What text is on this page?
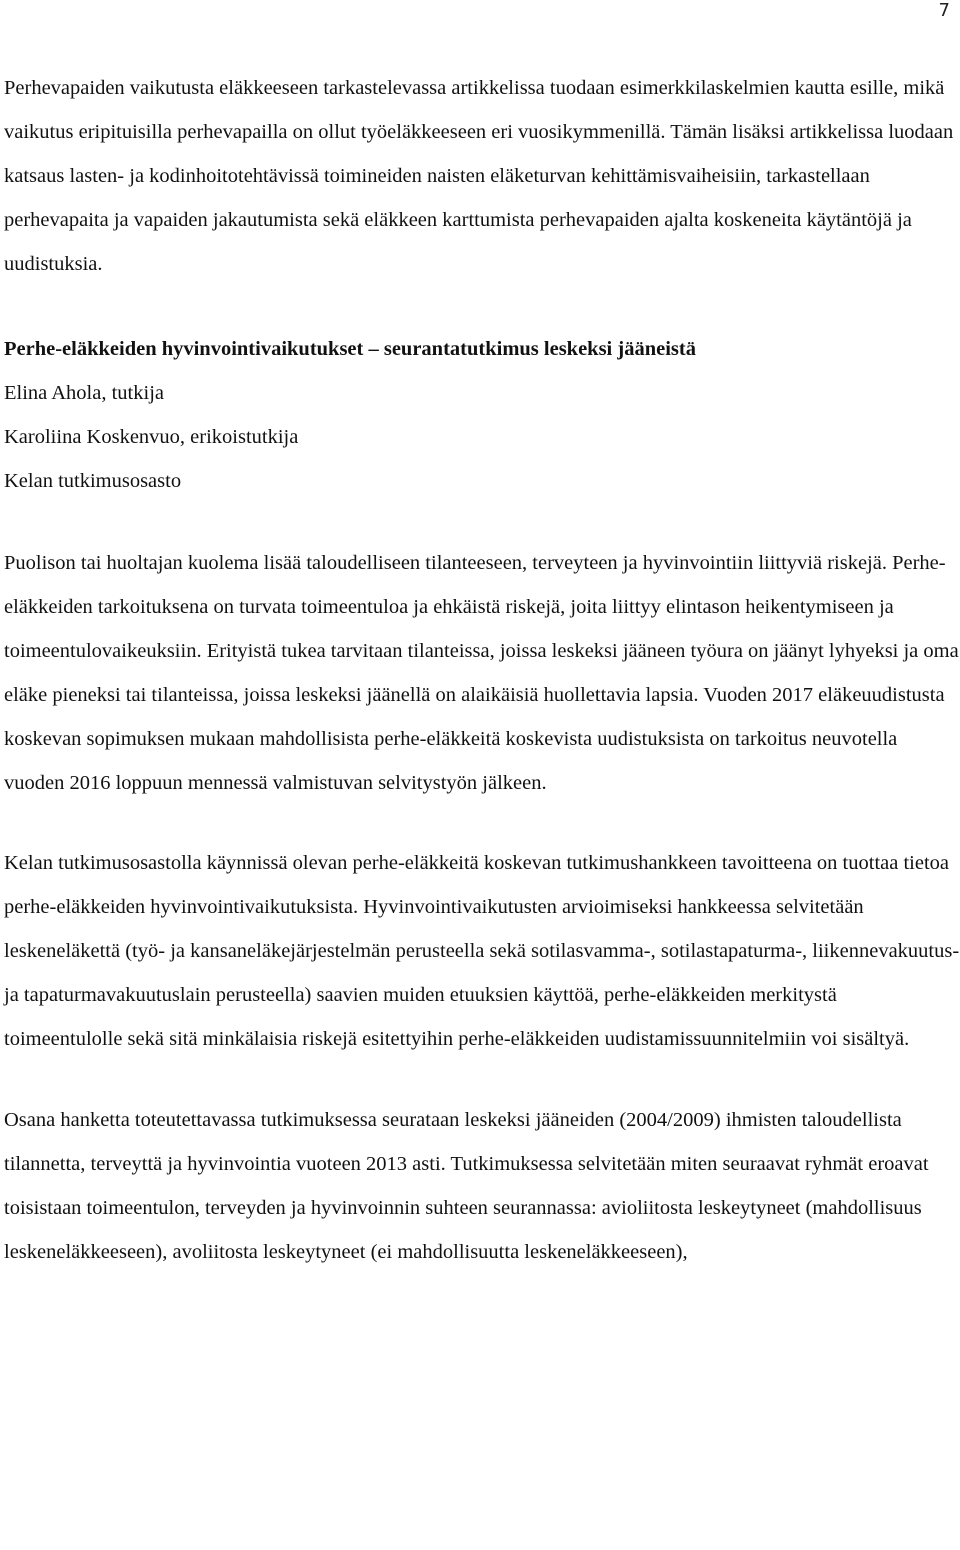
7

Perhevapaiden vaikutusta eläkkeeseen tarkastelevassa artikkelissa tuodaan esimerkkilaskelmien kautta esille, mikä vaikutus eripituisilla perhevapailla on ollut työeläkkeeseen eri vuosikymmenillä. Tämän lisäksi artikkelissa luodaan katsaus lasten- ja kodinhoitotehtävissä toimineiden naisten eläketurvan kehittämisvaiheisiin, tarkastellaan perhevapaita ja vapaiden jakautumista sekä eläkkeen karttumista perhevapaiden ajalta koskeneita käytäntöjä ja uudistuksia.

Perhe-eläkkeiden hyvinvointivaikutukset – seurantatutkimus leskeksi jääneistä

Elina Ahola, tutkija

Karoliina Koskenvuo, erikoistutkija

Kelan tutkimusosasto

Puolison tai huoltajan kuolema lisää taloudelliseen tilanteeseen, terveyteen ja hyvinvointiin liittyviä riskejä. Perhe-eläkkeiden tarkoituksena on turvata toimeentuloa ja ehkäistä riskejä, joita liittyy elintason heikentymiseen ja toimeentulovaikeuksiin. Erityistä tukea tarvitaan tilanteissa, joissa leskeksi jääneen työura on jäänyt lyhyeksi ja oma eläke pieneksi tai tilanteissa, joissa leskeksi jäänellä on alaikäisiä huollettavia lapsia. Vuoden 2017 eläkeuudistusta koskevan sopimuksen mukaan mahdollisista perhe-eläkkeitä koskevista uudistuksista on tarkoitus neuvotella vuoden 2016 loppuun mennessä valmistuvan selvitystyön jälkeen.

Kelan tutkimusosastolla käynnissä olevan perhe-eläkkeitä koskevan tutkimushankkeen tavoitteena on tuottaa tietoa perhe-eläkkeiden hyvinvointivaikutuksista. Hyvinvointivaikutusten arvioimiseksi hankkeessa selvitetään leskeneläkettä (työ- ja kansaneläkejärjestelmän perusteella sekä sotilasvamma-, sotilastapaturma-, liikennevakuutus- ja tapaturmavakuutuslain perusteella) saavien muiden etuuksien käyttöä, perhe-eläkkeiden merkitystä toimeentulolle sekä sitä minkälaisia riskejä esitettyihin perhe-eläkkeiden uudistamissuunnitelmiin voi sisältyä.

Osana hanketta toteutettavassa tutkimuksessa seurataan leskeksi jääneiden (2004/2009) ihmisten taloudellista tilannetta, terveyttä ja hyvinvointia vuoteen 2013 asti. Tutkimuksessa selvitetään miten seuraavat ryhmät eroavat toisistaan toimeentulon, terveyden ja hyvinvoinnin suhteen seurannassa: avioliitosta leskeytyneet (mahdollisuus leskeneläkkeeseen), avoliitosta leskeytyneet (ei mahdollisuutta leskeneläkkeeseen),
